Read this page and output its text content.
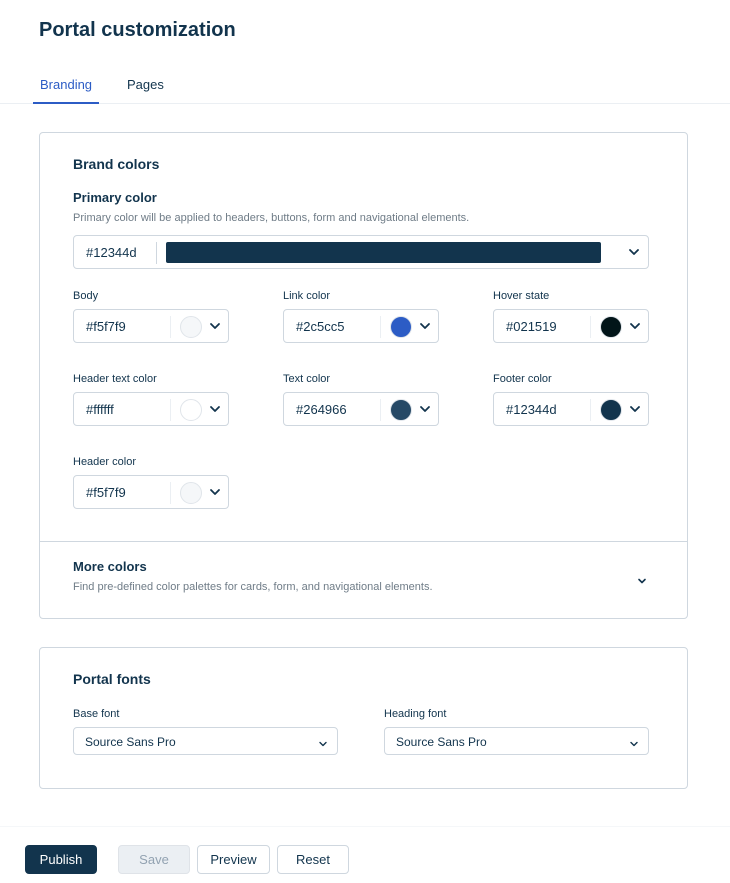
Portal customization
Branding	Pages
Brand colors
Primary color
Primary color will be applied to headers, buttons, form and navigational elements.
#12344d
Body
#f5f7f9
Link color
#2c5cc5
Hover state
#021519
Header text color
#ffffff
Text color
#264966
Footer color
#12344d
Header color
#f5f7f9
More colors
Find pre-defined color palettes for cards, form, and navigational elements.
Portal fonts
Base font
Source Sans Pro
Heading font
Source Sans Pro
Publish	Save	Preview	Reset
